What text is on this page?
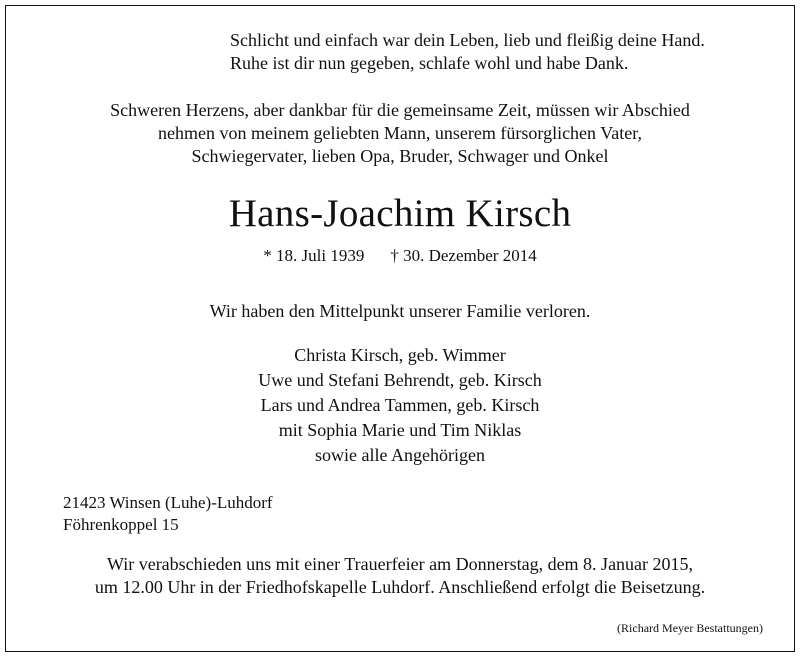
Schlicht und einfach war dein Leben, lieb und fleißig deine Hand.
Ruhe ist dir nun gegeben, schlafe wohl und habe Dank.
Schweren Herzens, aber dankbar für die gemeinsame Zeit, müssen wir Abschied
nehmen von meinem geliebten Mann, unserem fürsorglichen Vater,
Schwiegervater, lieben Opa, Bruder, Schwager und Onkel
Hans-Joachim Kirsch
* 18. Juli 1939 † 30. Dezember 2014
Wir haben den Mittelpunkt unserer Familie verloren.
Christa Kirsch, geb. Wimmer
Uwe und Stefani Behrendt, geb. Kirsch
Lars und Andrea Tammen, geb. Kirsch
mit Sophia Marie und Tim Niklas
sowie alle Angehörigen
21423 Winsen (Luhe)-Luhdorf
Föhrenkoppel 15
Wir verabschieden uns mit einer Trauerfeier am Donnerstag, dem 8. Januar 2015,
um 12.00 Uhr in der Friedhofskapelle Luhdorf. Anschließend erfolgt die Beisetzung.
(Richard Meyer Bestattungen)
